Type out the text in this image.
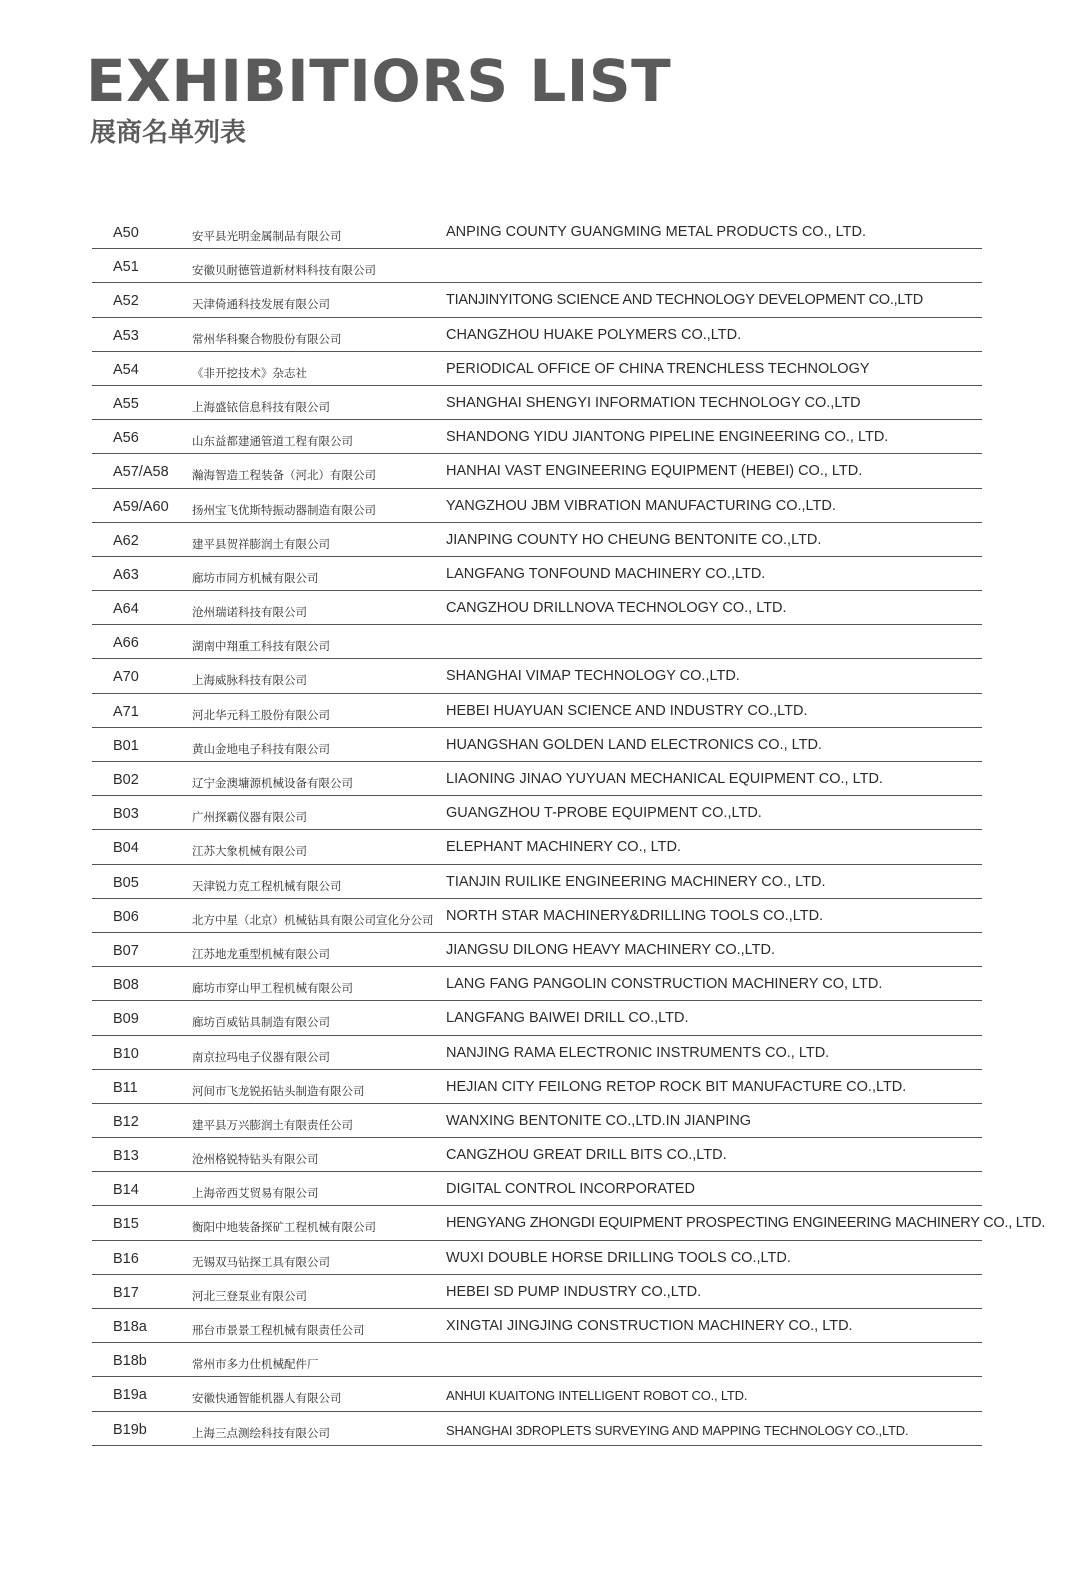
EXHIBITIORS LIST
展商名单列表
A50	安平县光明金属制品有限公司	ANPING COUNTY GUANGMING METAL PRODUCTS CO., LTD.
A51	安徽贝耐德管道新材料科技有限公司
A52	天津倚通科技发展有限公司	TIANJINYITONG SCIENCE AND TECHNOLOGY DEVELOPMENT CO.,LTD
A53	常州华科聚合物股份有限公司	CHANGZHOU HUAKE POLYMERS CO.,LTD.
A54	《非开挖技术》杂志社	PERIODICAL OFFICE OF CHINA TRENCHLESS TECHNOLOGY
A55	上海盛铱信息科技有限公司	SHANGHAI SHENGYI INFORMATION TECHNOLOGY CO.,LTD
A56	山东益都建通管道工程有限公司	SHANDONG YIDU JIANTONG PIPELINE ENGINEERING CO., LTD.
A57/A58 瀚海智造工程装备（河北）有限公司	HANHAI VAST ENGINEERING EQUIPMENT (HEBEI) CO., LTD.
A59/A60 扬州宝飞优斯特振动器制造有限公司	YANGZHOU JBM VIBRATION MANUFACTURING CO.,LTD.
A62	建平县贺祥膨润土有限公司	JIANPING COUNTY HO CHEUNG BENTONITE CO.,LTD.
A63	廊坊市同方机械有限公司	LANGFANG TONFOUND MACHINERY CO.,LTD.
A64	沧州瑞诺科技有限公司	CANGZHOU DRILLNOVA TECHNOLOGY CO., LTD.
A66	湖南中翔重工科技有限公司
A70	上海威脉科技有限公司	SHANGHAI VIMAP TECHNOLOGY CO.,LTD.
A71	河北华元科工股份有限公司	HEBEI HUAYUAN SCIENCE AND INDUSTRY CO.,LTD.
B01	黄山金地电子科技有限公司	HUANGSHAN GOLDEN LAND ELECTRONICS CO., LTD.
B02	辽宁金澳墉源机械设备有限公司	LIAONING JINAO YUYUAN MECHANICAL EQUIPMENT CO., LTD.
B03	广州探霸仪器有限公司	GUANGZHOU T-PROBE EQUIPMENT CO.,LTD.
B04	江苏大象机械有限公司	ELEPHANT MACHINERY CO., LTD.
B05	天津锐力克工程机械有限公司	TIANJIN RUILIKE ENGINEERING MACHINERY CO., LTD.
B06	北方中星（北京）机械钻具有限公司宣化分公司 NORTH STAR MACHINERY&DRILLING TOOLS CO.,LTD.
B07	江苏地龙重型机械有限公司	JIANGSU DILONG HEAVY MACHINERY CO.,LTD.
B08	廊坊市穿山甲工程机械有限公司	LANG FANG PANGOLIN CONSTRUCTION MACHINERY CO, LTD.
B09	廊坊百威钻具制造有限公司	LANGFANG BAIWEI DRILL CO.,LTD.
B10	南京拉玛电子仪器有限公司	NANJING RAMA ELECTRONIC INSTRUMENTS CO., LTD.
B11	河间市飞龙锐拓钻头制造有限公司	HEJIAN CITY FEILONG RETOP ROCK BIT MANUFACTURE CO.,LTD.
B12	建平县万兴膨润土有限责任公司	WANXING BENTONITE CO.,LTD.IN JIANPING
B13	沧州格锐特钻头有限公司	CANGZHOU GREAT DRILL BITS CO.,LTD.
B14	上海帝西艾贸易有限公司	DIGITAL CONTROL INCORPORATED
B15	衡阳中地装备探矿工程机械有限公司	HENGYANG ZHONGDI EQUIPMENT PROSPECTING ENGINEERING MACHINERY CO., LTD.
B16	无锡双马钻探工具有限公司	WUXI DOUBLE HORSE DRILLING TOOLS CO.,LTD.
B17	河北三登泵业有限公司	HEBEI SD PUMP INDUSTRY CO.,LTD.
B18a	邢台市景景工程机械有限责任公司	XINGTAI JINGJING CONSTRUCTION MACHINERY CO., LTD.
B18b	常州市多力仕机械配件厂
B19a	安徽快通智能机器人有限公司	ANHUI KUAITONG INTELLIGENT ROBOT CO., LTD.
B19b	上海三点测绘科技有限公司	SHANGHAI 3DROPLETS SURVEYING AND MAPPING TECHNOLOGY CO.,LTD.
